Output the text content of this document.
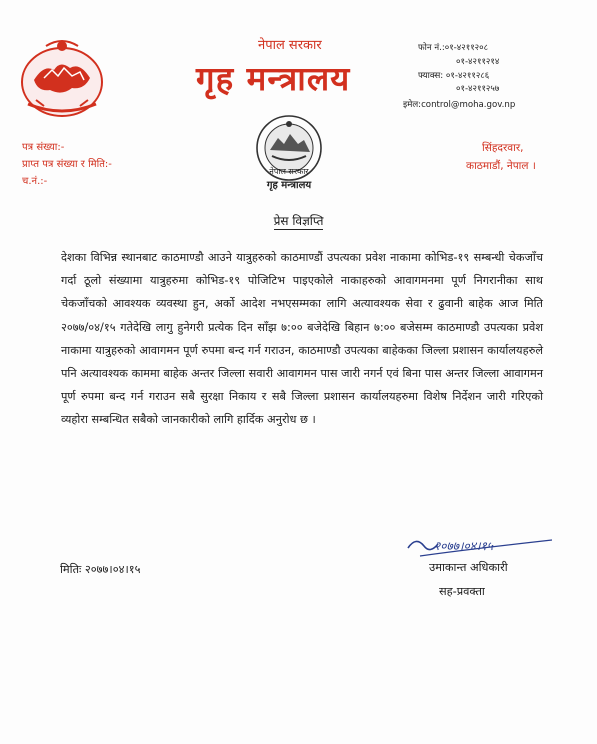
नेपाल सरकार
गृह मन्त्रालय
फोन नं.:०१-४२११२०८
०१-४२११२१४
फ्याक्स: ०१-४२११२८६
०१-४२११२५७
इमेल:control@moha.gov.np
नेपाल सरकार
गृह मन्त्रालय
पत्र संख्या:-
प्राप्त पत्र संख्या र मिति:-
च.नं.:-
सिंहदरवार,
काठमाडौं, नेपाल ।
प्रेस विज्ञप्ति
देशका विभिन्न स्थानबाट काठमाण्डौ आउने यात्रुहरुको काठमाण्डौं उपत्यका प्रवेश नाकामा कोभिड-१९ सम्बन्धी चेकजाँच गर्दा ठूलो संख्यामा यात्रुहरुमा कोभिड-१९ पोजिटिभ पाइएकोले नाकाहरुको आवागमनमा पूर्ण निगरानीका साथ चेकजाँचको आवश्यक व्यवस्था हुन, अर्को आदेश नभएसम्मका लागि अत्यावश्यक सेवा र ढुवानी बाहेक आज मिति २०७७/०४/१५ गतेदेखि लागु हुनेगरी प्रत्येक दिन साँझ ७:०० बजेदेखि बिहान ७:०० बजेसम्म काठमाण्डौ उपत्यका प्रवेश नाकामा यात्रुहरुको आवागमन पूर्ण रुपमा बन्द गर्न गराउन, काठमाण्डौ उपत्यका बाहेकका जिल्ला प्रशासन कार्यालयहरुले पनि अत्यावश्यक काममा बाहेक अन्तर जिल्ला सवारी आवागमन पास जारी नगर्न एवं बिना पास अन्तर जिल्ला आवागमन पूर्ण रुपमा बन्द गर्न गराउन सबै सुरक्षा निकाय र सबै जिल्ला प्रशासन कार्यालयहरुमा विशेष निर्देशन जारी गरिएको व्यहोरा सम्बन्धित सबैको जानकारीको लागि हार्दिक अनुरोध छ ।
२०७७।०४।१५
मितिः २०७७।०४।१५	उमाकान्त अधिकारी
सह-प्रवक्ता
